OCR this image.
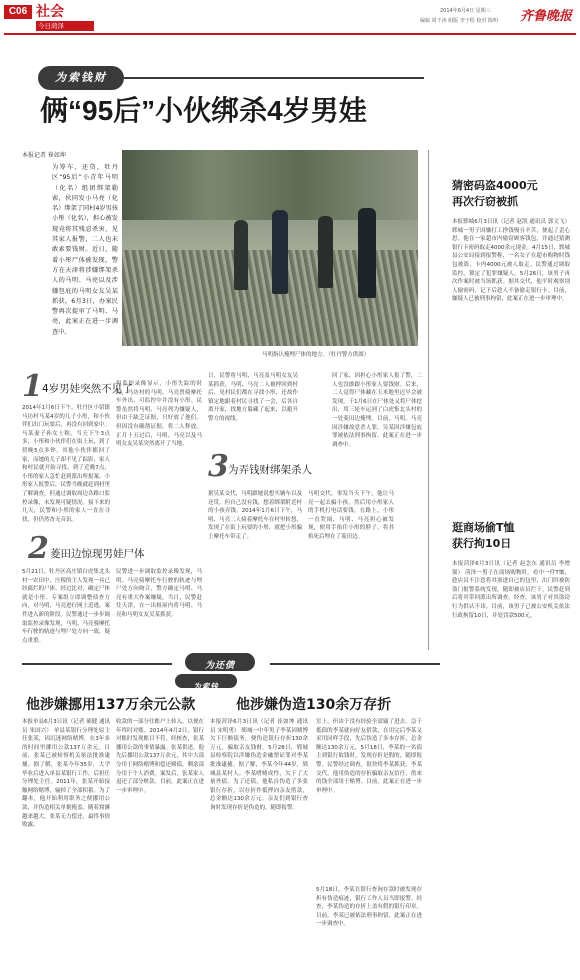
C06 社会
今日菏泽
2014年6月4日 星期三
编辑 周千涛 组版 李子程 校对 陈明 齐鲁晚报
为索钱财
俩“95后”小伙绑杀4岁男娃
本报记者 崔如坤
为筹车、还贷，牡丹区“95后”小青年马明（化名）组团绑架勒索，伙同发小马亮（化名）绑架了同村4岁男孩小彤（化名），担心被发现竟将其残忍杀害，见其家人报警，二人也未敢索要钱财。近日，随着小彤尸体被发现，警方在天津将涉嫌绑架杀人的马明、马亮以及涉嫌包庇的马明女友吴某抓获。6月3日，办案民警再次提审了马明、马亮，此案正在进一步调查中。
马明指认掩埋尸体的地方。（牡丹警方供图）
1 4岁男娃突然不见了
2014年1月6日下午，牡丹区小留镇马坊村马某4岁的儿子小彤，和小伙伴们出门玩耍后，再没有回到家中。马某妻子孙女士称，当天下午3点多，小彤和小伙伴们在街上玩，到了傍晚5点多钟，其他小伙伴都回了家，而她的儿子却不见了踪影，家人和村民就开始寻找。到了近晚7点，小彤的家人急忙赶到派出所报案。小彤家人报警后，民警当晚就赶到村里了解调查，但通过调取周边各路口监控录像，未发现可疑情况。接下来的几天，民警和小彤的家人一直在寻找，但仍然杳无音讯。
但监控录像显示，小彤失踪的时段，马坊村的马明、马亮曾骑摩托车外出，可监控中并没有小彤。民警虽然将马明、马亮列为嫌疑人，但由于缺乏证据，只好放了他们。但因没有确凿证据，将二人释放。正月十五过后，马明、马亮以及马明女友吴某突然离开了当地。
2 菱田边惊现男娃尸体
5月21日，牡丹区高庄镇白虎集北头村一农田中，庄稼的主人发现一具已经腐烂的尸体。经过比对，确定尸体就是小彤。专案组立即调整侦查方向，对马明、马亮进行网上追逃，案件进入新的阶段。民警通过一步步调取监控录像发现，马明、马亮骑摩托车行驶的轨迹与埋尸处方向一致，疑点重重。
民警进一步调取监控录像发现，马明、马亮骑摩托车行驶的轨迹与埋尸处方向吻合，警方确定马明、马亮有重大作案嫌疑，当日，民警赶往天津，在一出租屋内将马明、马亮和马明女友吴某抓获。
日，民警将马明、马亮及马明女友吴某抓获。马明、马亮二人被押回到村后，见村民们都在寻找小彤，还故作镇定地跟着村民寻找了一会，后各自离开家，找地方躲藏了起来，以避开警方的视线。
3 为弄钱财绑架杀人
据吴某交代，马明跟她说想买辆车以及还贷，但自己没有钱，想着绑架附近村的小孩弄钱。2014年1月6日下午，马明、马亮二人骑着摩托车在村里转悠，发现了在街上玩耍的小彤，就把小彤骗上摩托车带走了。
马明交代，事发当天下午，他让马亮一起去骗小孩，然后用小彤家人的手机打电话要钱。在路上，小彤一直哭闹，马明、马亮担心被发现，便用手掐住小彤的脖子，将其掐死后埋在了菱田边。
回了家，因担心小彤家人报了警，二人也没敢跟小彤家人要钱财。后来，二人觉得尸体藏在玉米地里迟早会被发现，于1月6日在尸体处又将尸体挖出，用三轮车运到了白虎集北头村的一处菱田边掩埋。目前，马明、马亮因涉嫌故意杀人罪，吴某因涉嫌包庇罪被依法刑事拘留。此案正在进一步调查中。
猜密码盗4000元
再次行窃被抓
本报郓城6月3日讯（记者 赵凯 通讯员 郭文飞） 郓城一男子因嫌打工挣钱慢且辛苦，便起了歪心思。他在一家超市内偷窃顾客钱包，并通过猜测银行卡密码取走4000余元现金。4月15日，郓城县公安局接到报警称，一名女子在超市购物时钱包被盗，卡内4000元被人取走。民警通过调取监控，锁定了犯罪嫌疑人。5月26日，该男子再次作案时被当场抓获。据其交代，他平时观察别人输密码，记下后趁人不备偷走银行卡。目前，嫌疑人已被刑事拘留，此案正在进一步审理中。
逛商场偷T恤
获行拘10日
本报菏泽6月3日讯（记者 赵念东 通讯员 李增强） 菏泽一男子在商场购物时，看中一件T恤，趁店员不注意将其塞进自己的包里，出门时被防盗门报警系统发现，随即被店员拦下。民警赶到后将其带回派出所调查。经查，该男子对其盗窃行为供认不讳。目前，该男子已被公安机关依法行政拘留10日，并处罚款500元。
为还债
为索钱
他涉嫌挪用137万余元公款	他涉嫌伪造130余万存折
本报单县6月3日讯（记者 郝健 通讯员 朱国兴） 单县某银行分理处原主任张某，因沉迷网络赌博，在3年多的时间里挪用公款137万余元。目前，张某已被检察机关依法批准逮捕。据了解，张某今年35岁，大学毕业后进入单县某银行工作，后担任分理处主任。2011年，张某开始接触网络赌博，输掉了全部积蓄。为了翻本，他开始利用职务之便挪用公款，并伪造相关单据掩盖。随着窟窿越来越大，张某无力偿还，最终事情败露。
收款的一部分往账户上转入，以便在年终时对账。2014年4月2日，银行对账时发现账目不符，经核查，张某挪用公款的事情暴露。张某供述，他先后挪用公款137万余元，其中大部分用于网络赌博和偿还赌债，剩余部分用于个人消费。案发后，张某家人退还了部分赃款。目前，此案正在进一步审理中。
本报菏泽6月3日讯（记者 崔如坤 通讯员 宋明勇） 郓城一中年男子李某因赌博欠下巨额债务，便伪造银行存折130余万元，骗取亲友钱财。5月28日，郓城县检察院以涉嫌伪造金融票证罪对李某批准逮捕。据了解，李某今年44岁，郓城县某村人。李某嗜赌成性，欠下了大量外债。为了还债，他私自伪造了多张银行存折，以存折作抵押向亲友借款，总金额达130余万元。亲友们到银行查询时发现存折是伪造的，随即报警。
室上，但由于没有经验全部输了进去。急于抵债的李某就向好友借款，在用完后李某又采用同样手段，先后伪造了多本存折，总金额达130余万元。5月18日，李某的一名债主到银行取钱时，发现存折是假的，随即报警。民警经过调查，很快将李某抓获。李某交代，他用伪造的存折骗取亲友信任，借来的钱全部用于赌博。目前，此案正在进一步审理中。
5月18日，李某在银行查询存款时被发现存折有伪造痕迹，银行工作人员当即报警。经查，李某伪造的存折上盖有假的银行印章。目前，李某已被依法刑事拘留，此案正在进一步调查中。
